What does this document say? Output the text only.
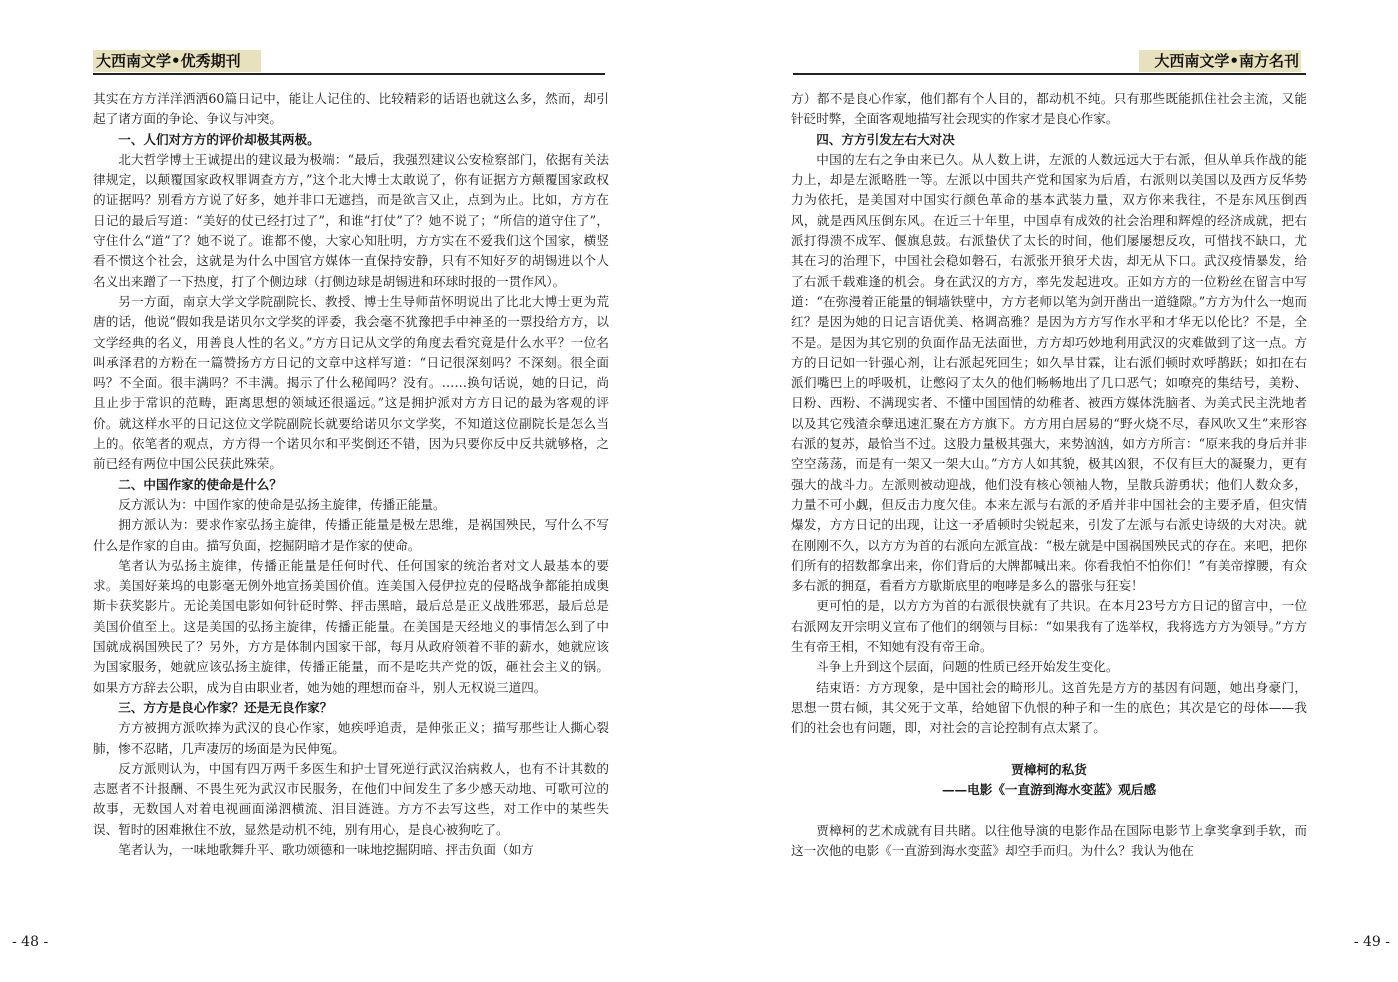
大西南文学•优秀期刊

其实在方方洋洋洒洒60篇日记中，能让人记住的、比较精彩的话语也就这么多，然而，却引起了诸方面的争论、争议与冲突。

一、人们对方方的评价却极其两极。

北大哲学博士王诚提出的建议最为极端：“最后，我强烈建议公安检察部门，依据有关法律规定，以颠覆国家政权罪调查方方，”这个北大博士太敢说了，你有证据方方颠覆国家政权的证据吗？别看方方说了好多，她并非口无遮挡，而是欲言又止，点到为止。比如，方方在日记的最后写道：“美好的仗已经打过了”，和谁“打仗”了？她不说了；“所信的道守住了”，守住什么“道”了？她不说了。谁都不傻，大家心知肚明，方方实在不爱我们这个国家，横竖看不惯这个社会，这就是为什么中国官方媒体一直保持安静，只有不知好歹的胡锡进以个人名义出来蹭了一下热度，打了个侧边球（打侧边球是胡锡进和环球时报的一贯作风）。

另一方面，南京大学文学院副院长、教授、博士生导师苗怀明说出了比北大博士更为荒唐的话，他说“假如我是诺贝尔文学奖的评委，我会毫不犹豫把手中神圣的一票投给方方，以文学经典的名义，用善良人性的名义。”方方日记从文学的角度去看究竟是什么水平？一位名叫承泽君的方粉在一篇赞扬方方日记的文章中这样写道：“日记很深刻吗？不深刻。很全面吗？不全面。很丰满吗？不丰满。揭示了什么秘闻吗？没有。……换句话说，她的日记，尚且止步于常识的范畴，距离思想的领域还很遥远。”这是拥护派对方方日记的最为客观的评价。就这样水平的日记这位文学院副院长就要给诺贝尔文学奖，不知道这位副院长是怎么当上的。依笔者的观点，方方得一个诺贝尔和平奖倒还不错，因为只要你反中反共就够格，之前已经有两位中国公民获此殊荣。

二、中国作家的使命是什么？

反方派认为：中国作家的使命是弘扬主旋律，传播正能量。

拥方派认为：要求作家弘扬主旋律，传播正能量是极左思维，是祸国殃民，写什么不写什么是作家的自由。描写负面，挖掘阴暗才是作家的使命。

笔者认为弘扬主旋律，传播正能量是任何时代、任何国家的统治者对文人最基本的要求。美国好莱坞的电影毫无例外地宣扬美国价值。连美国入侵伊拉克的侵略战争都能拍成奥斯卡获奖影片。无论美国电影如何针砭时弊、抨击黑暗，最后总是正义战胜邪恶，最后总是美国价值至上。这是美国的弘扬主旋律，传播正能量。在美国是天经地义的事情怎么到了中国就成祸国殃民了？另外，方方是体制内国家干部，每月从政府领着不菲的薪水，她就应该为国家服务，她就应该弘扬主旋律，传播正能量，而不是吃共产党的饭，砸社会主义的锅。如果方方辞去公职，成为自由职业者，她为她的理想而奋斗，别人无权说三道四。

三、方方是良心作家？还是无良作家？

方方被拥方派吹捧为武汉的良心作家，她疾呼追责，是伸张正义；描写那些让人撕心裂肺，惨不忍睹，几声凄厉的场面是为民伸冤。

反方派则认为，中国有四万两千多医生和护士冒死逆行武汉治病救人，也有不计其数的志愿者不计报酬、不畏生死为武汉市民服务，在他们中间发生了多少感天动地、可歌可泣的故事，无数国人对着电视画面涕泗横流、泪目涟涟。方方不去写这些，对工作中的某些失误、暂时的困难揪住不放，显然是动机不纯，别有用心，是良心被狗吃了。

笔者认为，一味地歌舞升平、歌功颂德和一味地挖掘阴暗、抨击负面（如方

- 48 -
大西南文学•南方名刊

方）都不是良心作家，他们都有个人目的，都动机不纯。只有那些既能抓住社会主流，又能针砭时弊，全面客观地描写社会现实的作家才是良心作家。

四、方方引发左右大对决

中国的左右之争由来已久。从人数上讲，左派的人数远远大于右派，但从单兵作战的能力上，却是左派略胜一等。左派以中国共产党和国家为后盾，右派则以美国以及西方反华势力为依托，是美国对中国实行颜色革命的基本武装力量，双方你来我往，不是东风压倒西风，就是西风压倒东风。在近三十年里，中国卓有成效的社会治理和辉煌的经济成就，把右派打得溃不成军、偃旗息鼓。右派蛰伏了太长的时间，他们屡屡想反攻，可惜找不缺口，尤其在习的治理下，中国社会稳如磐石，右派张开狼牙犬齿，却无从下口。武汉疫情暴发，给了右派千载难逢的机会。身在武汉的方方，率先发起进攻。正如方方的一位粉丝在留言中写道：“在弥漫着正能量的铜墙铁壁中，方方老师以笔为剑开凿出一道缝隙。”方方为什么一炮而红？是因为她的日记言语优美、格调高雅？是因为方方写作水平和才华无以伦比？不是，全不是。是因为其它别的负面作品无法面世，方方却巧妙地利用武汉的灾难做到了这一点。方方的日记如一针强心剂，让右派起死回生；如久旱甘霖，让右派们顿时欢呼鹊跃；如扣在右派们嘴巴上的呼吸机，让憋闷了太久的他们畅畅地出了几口恶气；如嘹亮的集结号，美粉、日粉、西粉、不满现实者、不懂中国国情的幼稚者、被西方媒体洗脑者、为美式民主洗地者以及其它残渣余孽迅速汇聚在方方旗下。方方用白居易的“野火烧不尽，春风吹又生”来形容右派的复苏，最恰当不过。这股力量极其强大，来势汹汹，如方方所言：“原来我的身后并非空空荡荡，而是有一架又一架大山。”方方人如其貌，极其凶狠，不仅有巨大的凝聚力，更有强大的战斗力。左派则被动迎战，他们没有核心领袖人物，呈散兵游勇状；他们人数众多，力量不可小觑，但反击力度欠佳。本来左派与右派的矛盾并非中国社会的主要矛盾，但灾情爆发，方方日记的出现，让这一矛盾顿时尖锐起来，引发了左派与右派史诗级的大对决。就在刚刚不久，以方方为首的右派向左派宣战：“极左就是中国祸国殃民式的存在。来吧，把你们所有的招数都拿出来，你们背后的大牌都喊出来。你看我怕不怕你们！”有美帝撑腰，有众多右派的拥趸，看看方方歇斯底里的咆哮是多么的嚣张与狂妄！

更可怕的是，以方方为首的右派很快就有了共识。在本月23号方方日记的留言中，一位右派网友开宗明义宣布了他们的纲领与目标：“如果我有了选举权，我将选方方为领导。”方方生有帝王相，不知她有没有帝王命。

斗争上升到这个层面，问题的性质已经开始发生变化。

结束语：方方现象，是中国社会的畸形儿。这首先是方方的基因有问题，她出身豪门，思想一贯右倾，其父死于文革，给她留下仇恨的种子和一生的底色；其次是它的母体——我们的社会也有问题，即，对社会的言论控制有点太紧了。

贾樟柯的私货

——电影《一直游到海水变蓝》观后感

贾樟柯的艺术成就有目共睹。以往他导演的电影作品在国际电影节上拿奖拿到手软，而这一次他的电影《一直游到海水变蓝》却空手而归。为什么？我认为他在

- 49 -
